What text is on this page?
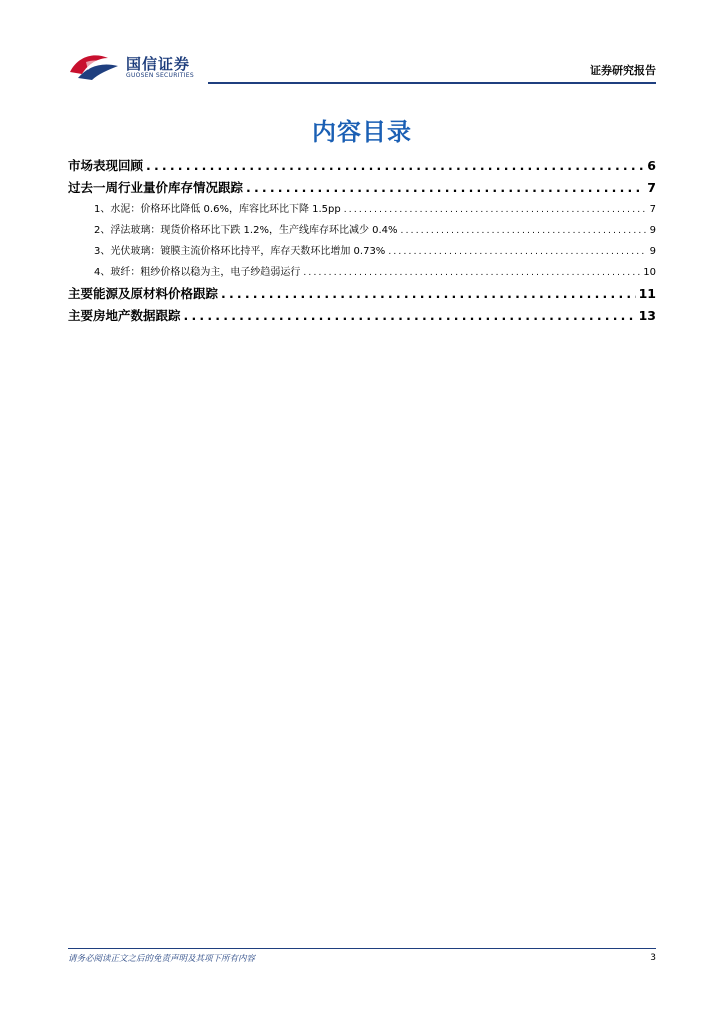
国信证券
GUOSEN SECURITIES	证券研究报告
内容目录
市场表现回顾 .....	6
过去一周行业量价库存情况跟踪 .....	7
1、水泥：价格环比降低 0.6%，库容比环比下降 1.5pp .....	7
2、浮法玻璃：现货价格环比下跌 1.2%，生产线库存环比减少 0.4% .....	9
3、光伏玻璃：镀膜主流价格环比持平，库存天数环比增加 0.73% .....	9
4、玻纤：粗纱价格以稳为主，电子纱趋弱运行 .....	10
主要能源及原材料价格跟踪 .....	11
主要房地产数据跟踪 .....	13
请务必阅读正文之后的免责声明及其项下所有内容	3
